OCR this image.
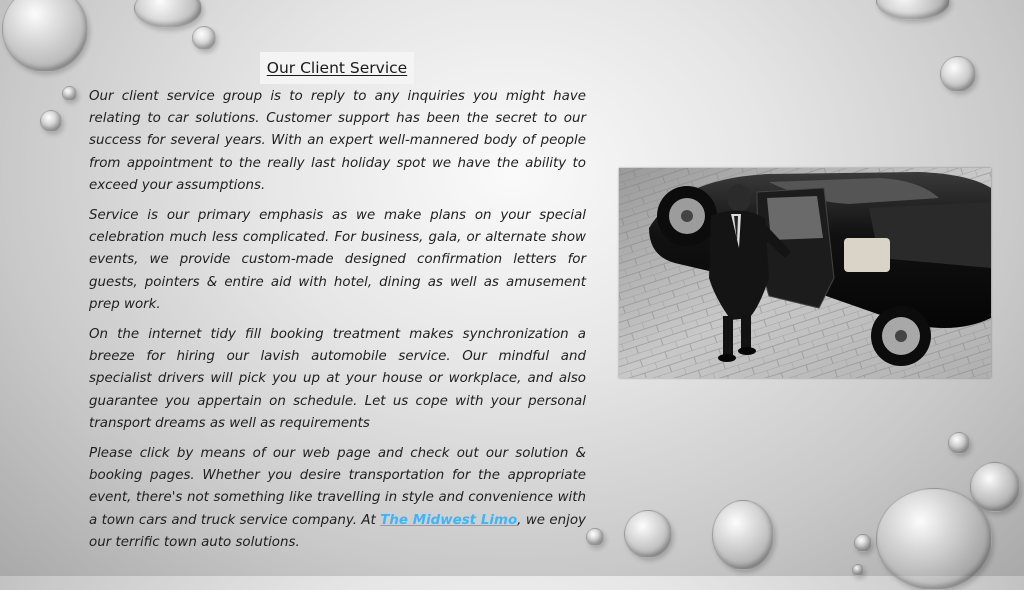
Our Client Service

Our client service group is to reply to any inquiries you might have relating to car solutions. Customer support has been the secret to our success for several years. With an expert well-mannered body of people from appointment to the really last holiday spot we have the ability to exceed your assumptions.

Service is our primary emphasis as we make plans on your special celebration much less complicated. For business, gala, or alternate show events, we provide custom-made designed confirmation letters for guests, pointers & entire aid with hotel, dining as well as amusement prep work.

On the internet tidy fill booking treatment makes synchronization a breeze for hiring our lavish automobile service. Our mindful and specialist drivers will pick you up at your house or workplace, and also guarantee you appertain on schedule. Let us cope with your personal transport dreams as well as requirements

Please click by means of our web page and check out our solution & booking pages. Whether you desire transportation for the appropriate event, there's not something like travelling in style and convenience with a town cars and truck service company. At The Midwest Limo, we enjoy our terrific town auto solutions.
